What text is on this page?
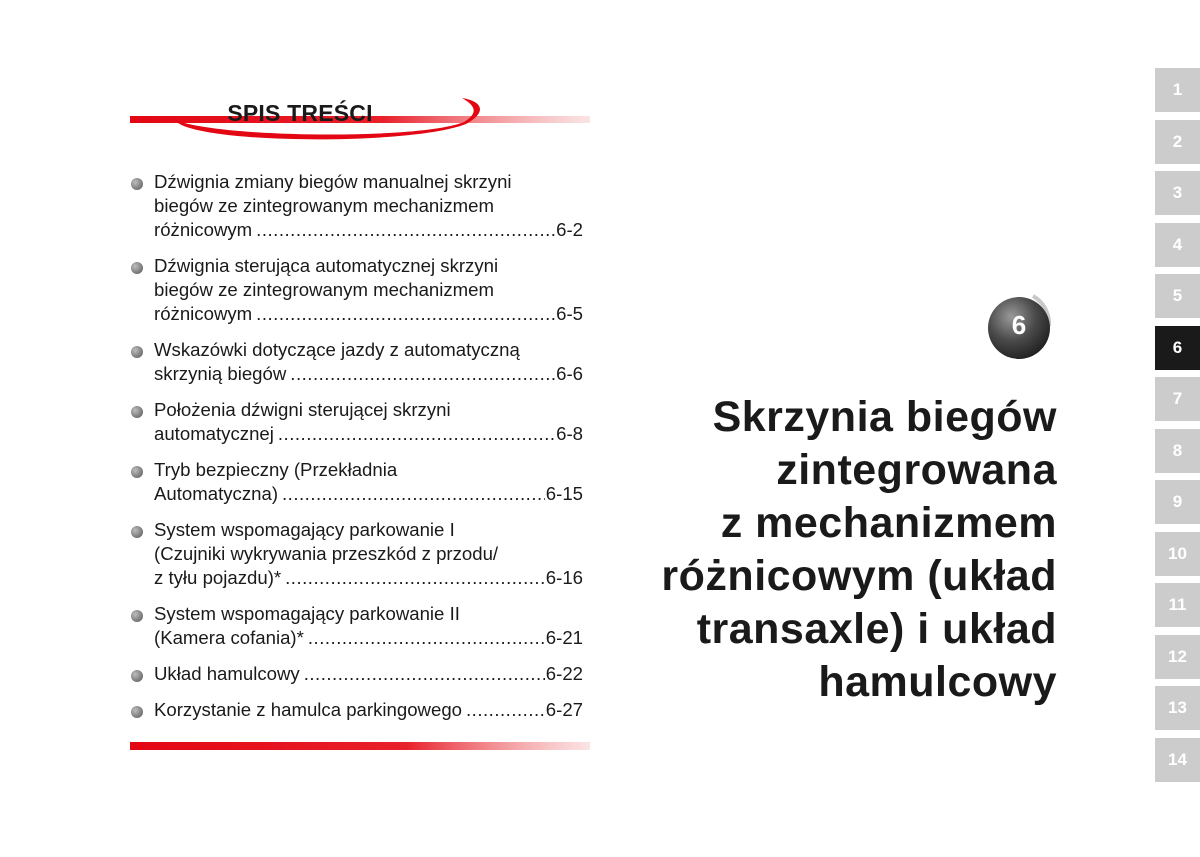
SPIS TREŚCI
Dźwignia zmiany biegów manualnej skrzyni
biegów ze zintegrowanym mechanizmem
różnicowym .....	6-2
Dźwignia sterująca automatycznej skrzyni
biegów ze zintegrowanym mechanizmem
różnicowym .....	6-5
Wskazówki dotyczące jazdy z automatyczną
skrzynią biegów .....	6-6
Położenia dźwigni sterującej skrzyni
automatycznej .....	6-8
Tryb bezpieczny (Przekładnia
Automatyczna) .....	6-15
System wspomagający parkowanie I
(Czujniki wykrywania przeszkód z przodu/
z tyłu pojazdu)* .....	6-16
System wspomagający parkowanie II
(Kamera cofania)* .....	6-21
Układ hamulcowy .....	6-22
Korzystanie z hamulca parkingowego .....	6-27
6
Skrzynia biegów
zintegrowana
z mechanizmem
różnicowym (układ
transaxle) i układ
hamulcowy
1
2
3
4
5
6
7
8
9
10
11
12
13
14
